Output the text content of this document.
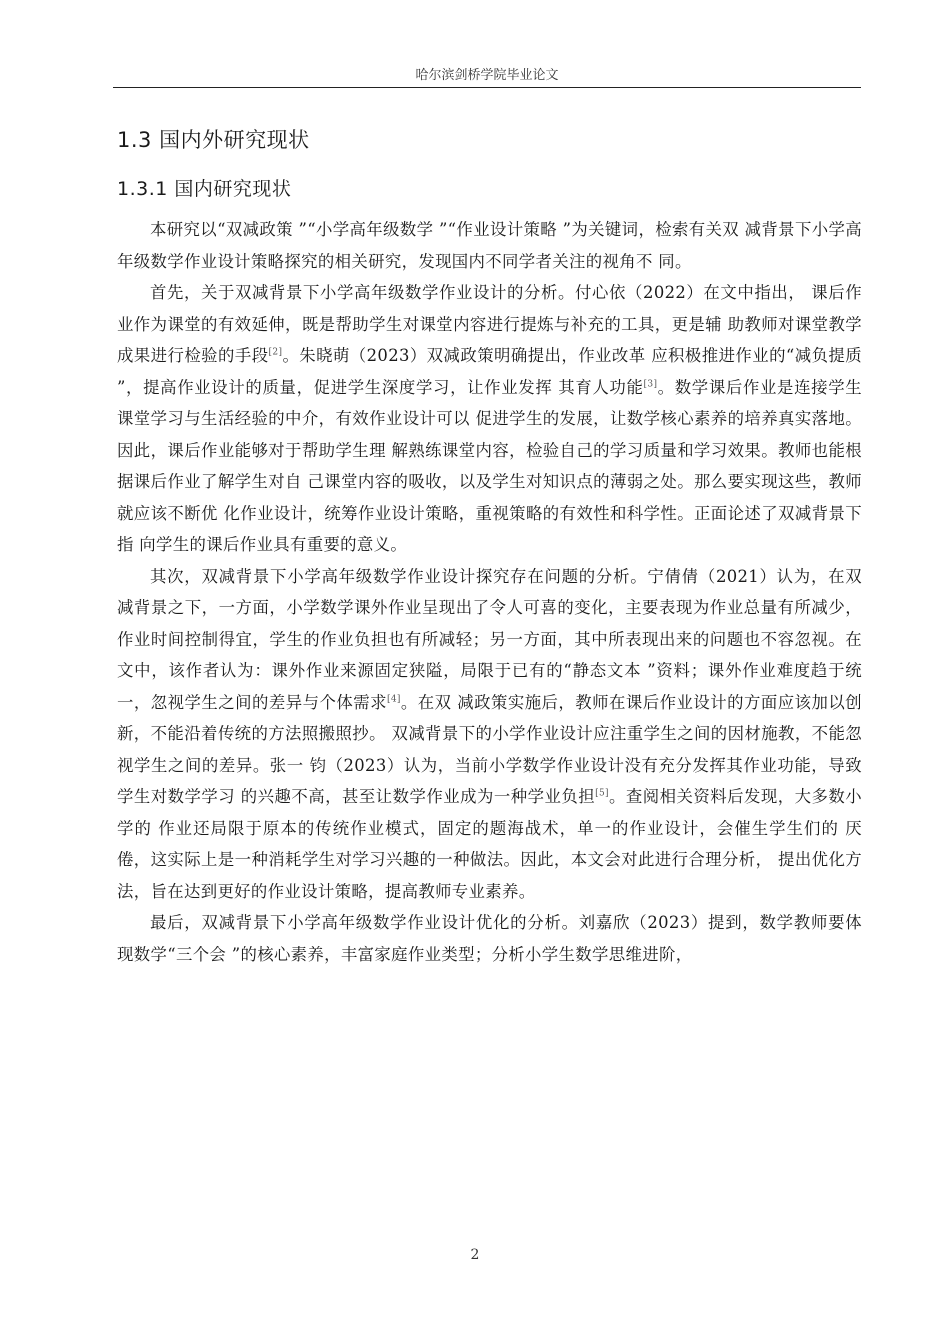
哈尔滨剑桥学院毕业论文
1.3 国内外研究现状
1.3.1 国内研究现状

本研究以“双减政策 ”“小学高年级数学 ”“作业设计策略 ”为关键词，检索有关双 减背景下小学高年级数学作业设计策略探究的相关研究，发现国内不同学者关注的视角不 同。

首先，关于双减背景下小学高年级数学作业设计的分析。付心依（2022）在文中指出， 课后作业作为课堂的有效延伸，既是帮助学生对课堂内容进行提炼与补充的工具，更是辅 助教师对课堂教学成果进行检验的手段[2]。朱晓萌（2023）双减政策明确提出，作业改革 应积极推进作业的“减负提质 ”，提高作业设计的质量，促进学生深度学习，让作业发挥 其育人功能[3]。数学课后作业是连接学生课堂学习与生活经验的中介，有效作业设计可以 促进学生的发展，让数学核心素养的培养真实落地。因此，课后作业能够对于帮助学生理 解熟练课堂内容，检验自己的学习质量和学习效果。教师也能根据课后作业了解学生对自 己课堂内容的吸收，以及学生对知识点的薄弱之处。那么要实现这些，教师就应该不断优 化作业设计，统筹作业设计策略，重视策略的有效性和科学性。正面论述了双减背景下指 向学生的课后作业具有重要的意义。

其次，双减背景下小学高年级数学作业设计探究存在问题的分析。宁倩倩（2021）认为，在双减背景之下，一方面，小学数学课外作业呈现出了令人可喜的变化，主要表现为作业总量有所减少，作业时间控制得宜，学生的作业负担也有所减轻；另一方面，其中所表现出来的问题也不容忽视。在文中，该作者认为：课外作业来源固定狭隘，局限于已有的“静态文本 ”资料；课外作业难度趋于统一，忽视学生之间的差异与个体需求[4]。在双 减政策实施后，教师在课后作业设计的方面应该加以创新，不能沿着传统的方法照搬照抄。 双减背景下的小学作业设计应注重学生之间的因材施教，不能忽视学生之间的差异。张一 钧（2023）认为，当前小学数学作业设计没有充分发挥其作业功能，导致学生对数学学习 的兴趣不高，甚至让数学作业成为一种学业负担[5]。查阅相关资料后发现，大多数小学的 作业还局限于原本的传统作业模式，固定的题海战术，单一的作业设计，会催生学生们的 厌倦，这实际上是一种消耗学生对学习兴趣的一种做法。因此，本文会对此进行合理分析， 提出优化方法，旨在达到更好的作业设计策略，提高教师专业素养。

最后，双减背景下小学高年级数学作业设计优化的分析。刘嘉欣（2023）提到，数学教师要体现数学“三个会 ”的核心素养，丰富家庭作业类型；分析小学生数学思维进阶，

2
